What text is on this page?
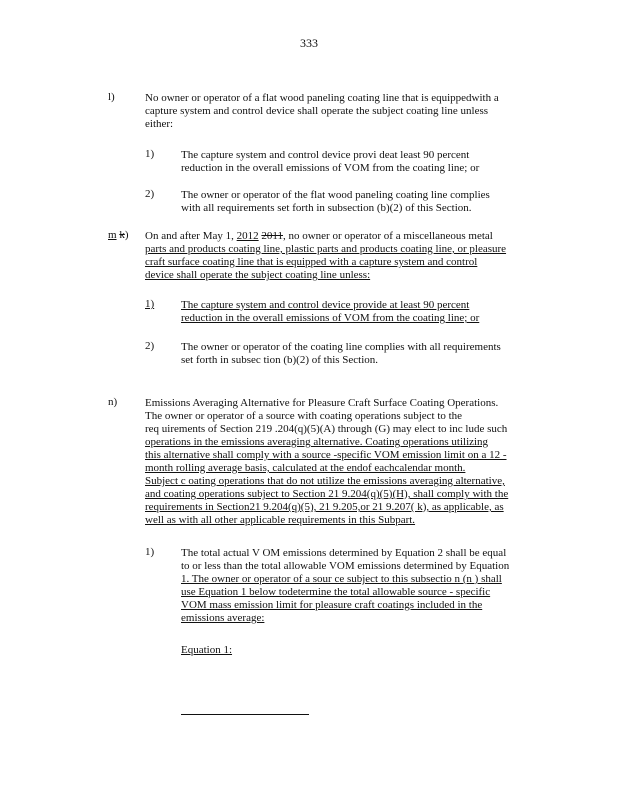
333
l)	No owner or operator of a flat wood paneling coating line that is equippedwith a
capture system and control device shall operate the subject coating line unless
either:
1) The capture system and control device provi deat least 90 percent
reduction in the overall emissions of VOM from the coating line; or
2) The owner or operator of the flat wood paneling coating line complies
with all requirements set forth in subsection (b)(2) of this Section.
m k) On and after May 1, 2012 2011, no owner or operator of a miscellaneous metal
parts and products coating line, plastic parts and products coating line, or pleasure
craft surface coating line that is equipped with a capture system and control
device shall operate the subject coating line unless:
1) The capture system and control device provide at least 90 percent
reduction in the overall emissions of VOM from the coating line; or
2) The owner or operator of the coating line complies with all requirements
set forth in subsec tion (b)(2) of this Section.
n)	Emissions Averaging Alternative for Pleasure Craft Surface Coating Operations.
The owner or operator of a source with coating operations subject to the
req uirements of Section 219 .204(q)(5)(A) through (G) may elect to inc lude such
operations in the emissions averaging alternative. Coating operations utilizing
this alternative shall comply with a source -specific VOM emission limit on a 12 -
month rolling average basis, calculated at the endof eachcalendar month.
Subject c oating operations that do not utilize the emissions averaging alternative,
and coating operations subject to Section 21 9.204(q)(5)(H), shall comply with the
requirements in Section21 9.204(q)(5), 21 9.205,or 21 9.207( k), as applicable, as
well as with all other applicable requirements in this Subpart.
1) The total actual V OM emissions determined by Equation 2 shall be equal
to or less than the total allowable VOM emissions determined by Equation
1. The owner or operator of a sour ce subject to this subsectio n (n ) shall
use Equation 1 below todetermine the total allowable source - specific
VOM mass emission limit for pleasure craft coatings included in the
emissions average:
Equation 1:
